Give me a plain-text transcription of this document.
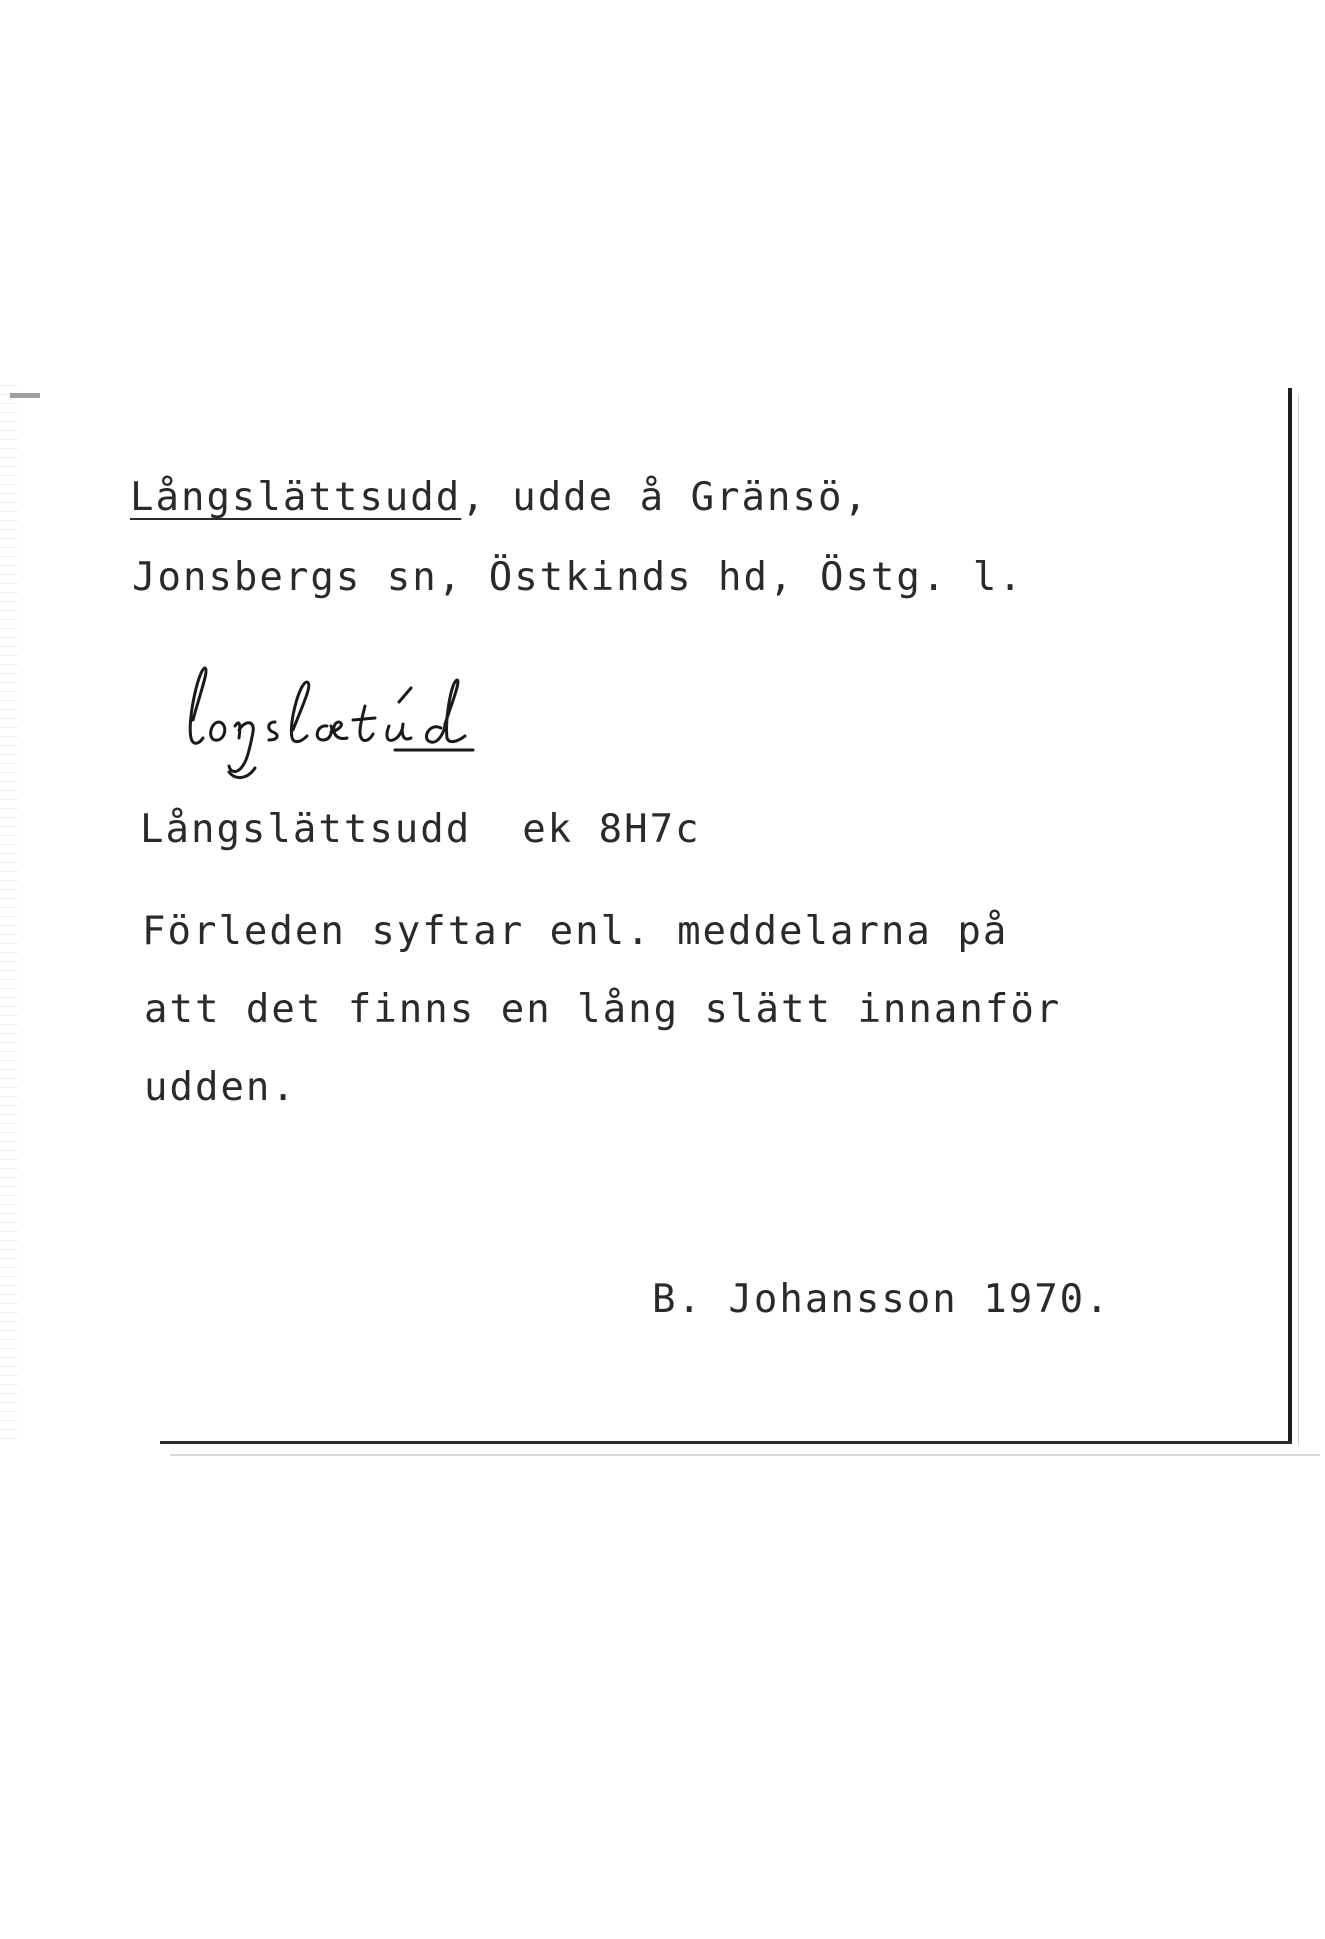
Långslättsudd, udde å Gränsö,
Jonsbergs sn, Östkinds hd, Östg. l.
Långslättsudd  ek 8H7c
Förleden syftar enl. meddelarna på
att det finns en lång slätt innanför
udden.
B. Johansson 1970.
